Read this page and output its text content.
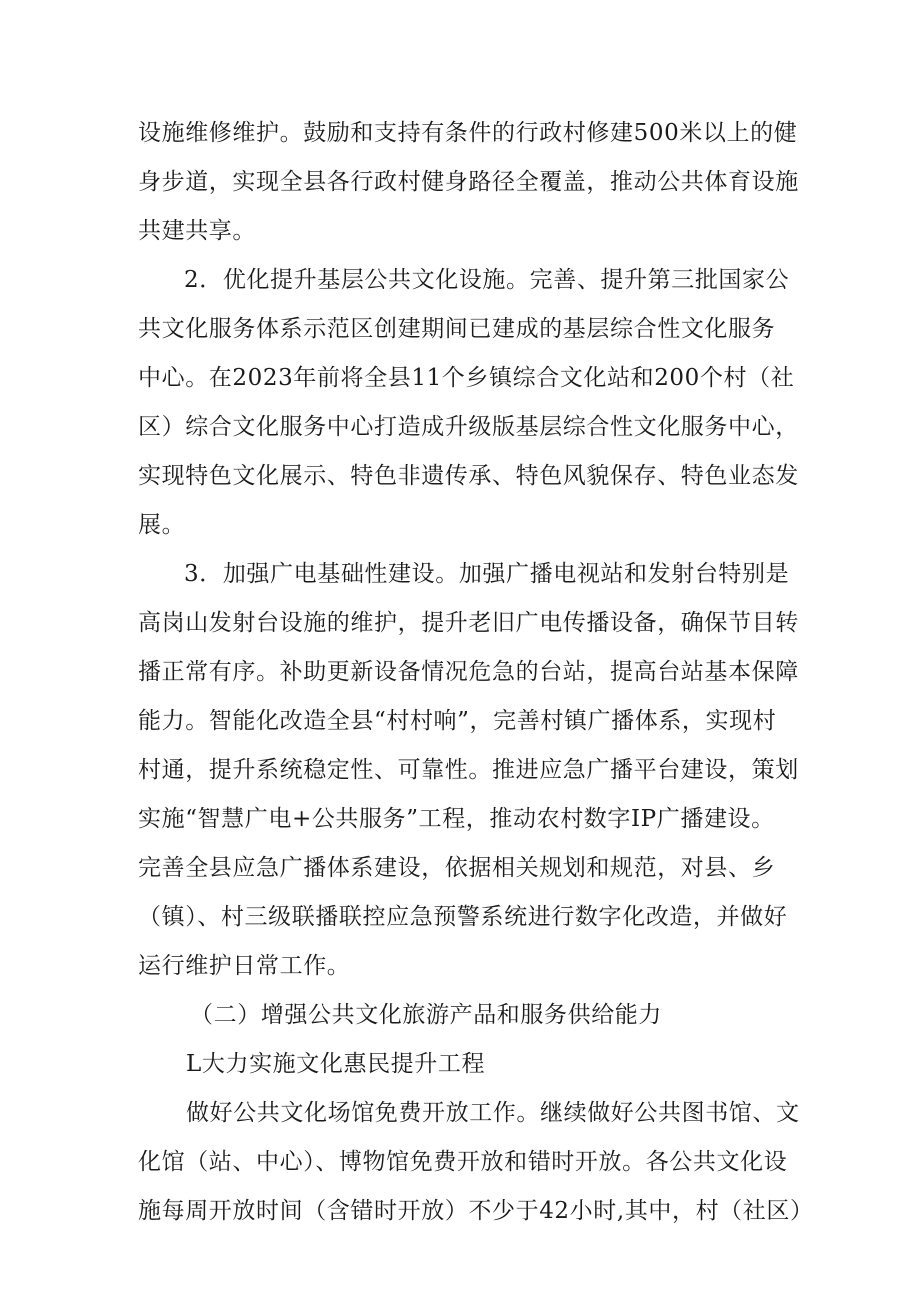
设施维修维护。鼓励和支持有条件的行政村修建500米以上的健
身步道，实现全县各行政村健身路径全覆盖，推动公共体育设施
共建共享。
2．优化提升基层公共文化设施。完善、提升第三批国家公
共文化服务体系示范区创建期间已建成的基层综合性文化服务
中心。在2023年前将全县11个乡镇综合文化站和200个村（社
区）综合文化服务中心打造成升级版基层综合性文化服务中心，
实现特色文化展示、特色非遗传承、特色风貌保存、特色业态发
展。
3．加强广电基础性建设。加强广播电视站和发射台特别是
高岗山发射台设施的维护，提升老旧广电传播设备，确保节目转
播正常有序。补助更新设备情况危急的台站，提高台站基本保障
能力。智能化改造全县“村村响”，完善村镇广播体系，实现村
村通，提升系统稳定性、可靠性。推进应急广播平台建设，策划
实施“智慧广电+公共服务”工程，推动农村数字IP广播建设。
完善全县应急广播体系建设，依据相关规划和规范，对县、乡
（镇）、村三级联播联控应急预警系统进行数字化改造，并做好
运行维护日常工作。
（二）增强公共文化旅游产品和服务供给能力
L大力实施文化惠民提升工程
做好公共文化场馆免费开放工作。继续做好公共图书馆、文
化馆（站、中心）、博物馆免费开放和错时开放。各公共文化设
施每周开放时间（含错时开放）不少于42小时,其中，村（社区）
